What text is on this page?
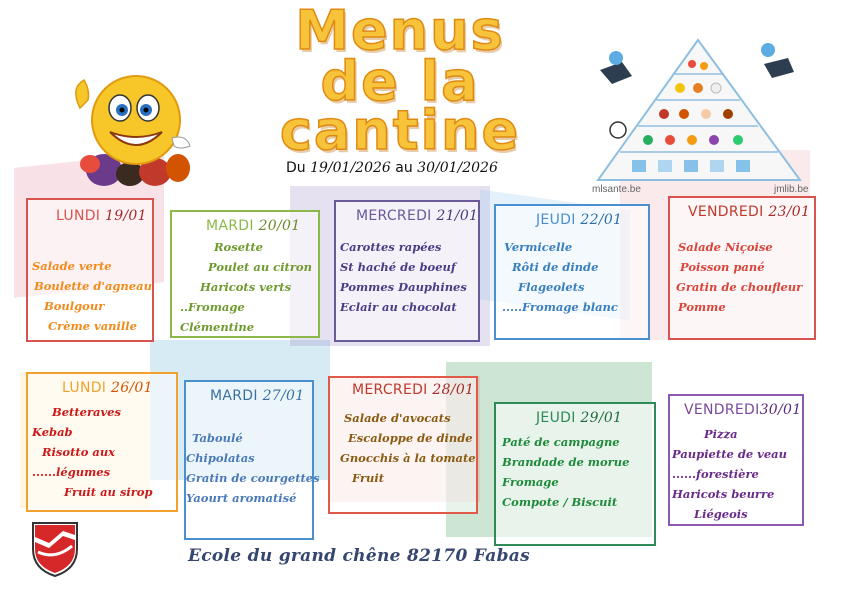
Menus
de la
cantine
mlsante.be	jmlib.be
Du 19/01/2026 au 30/01/2026
LUNDI 19/01
Salade verte
Boulette d'agneau
Boulgour
Crème vanille
MARDI 20/01
Rosette
Poulet au citron
Haricots verts
..Fromage
Clémentine
MERCREDI 21/01
Carottes rapées
St haché de boeuf
Pommes Dauphines
Eclair au chocolat
JEUDI 22/01
Vermicelle
Rôti de dinde
Flageolets
.....Fromage blanc
VENDREDI 23/01
Salade Niçoise
Poisson pané
Gratin de choufleur
Pomme
LUNDI 26/01
Betteraves
Kebab
Risotto aux
......légumes
Fruit au sirop
MARDI 27/01
Taboulé
Chipolatas
Gratin de courgettes
Yaourt aromatisé
MERCREDI 28/01
Salade d'avocats
Escaloppe de dinde
Gnocchis à la tomate
Fruit
JEUDI 29/01
Paté de campagne
Brandade de morue
Fromage
Compote / Biscuit
VENDREDI30/01
Pizza
Paupiette de veau
......forestière
Haricots beurre
Liégeois
Ecole du grand chêne 82170 Fabas
